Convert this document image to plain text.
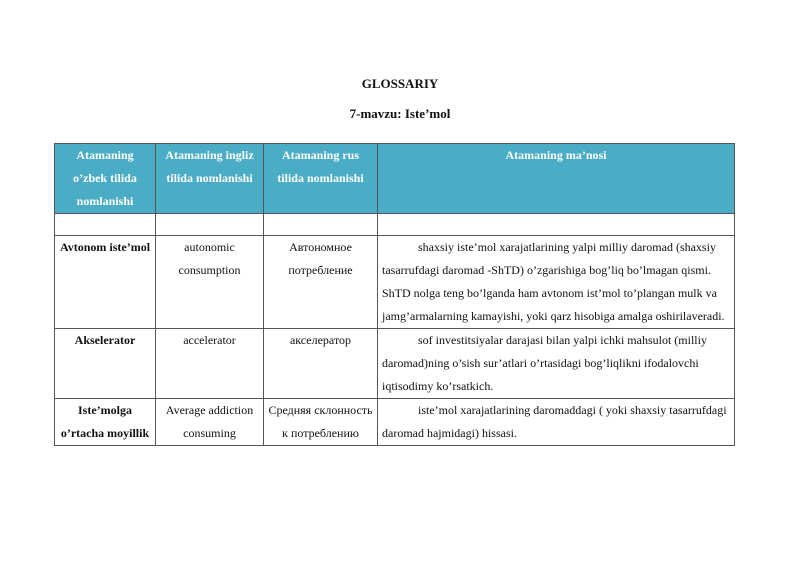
GLOSSARIY
7-mavzu: Iste’mol
Atamaning o’zbek tilida nomlanishi	Atamaning ingliz tilida nomlanishi	Atamaning rus tilida nomlanishi	Atamaning ma’nosi

Avtonom iste’mol	autonomic consumption	Автономное потребление	shaxsiy iste’mol xarajatlarining yalpi milliy daromad (shaxsiy tasarrufdagi daromad -ShTD) o’zgarishiga bog’liq bo’lmagan qismi. ShTD nolga teng bo’lganda ham avtonom ist’mol to’plangan mulk va jamg’armalarning kamayishi, yoki qarz hisobiga amalga oshirilaveradi.
Akselerator	accelerator	акселератор	sof investitsiyalar darajasi bilan yalpi ichki mahsulot (milliy daromad)ning o’sish sur’atlari o’rtasidagi bog’liqlikni ifodalovchi iqtisodimy ko’rsatkich.
Iste’molga o’rtacha moyillik	Average addiction consuming	Средняя склонность к потреблению	iste’mol xarajatlarining daromaddagi ( yoki shaxsiy tasarrufdagi daromad hajmidagi) hissasi.
